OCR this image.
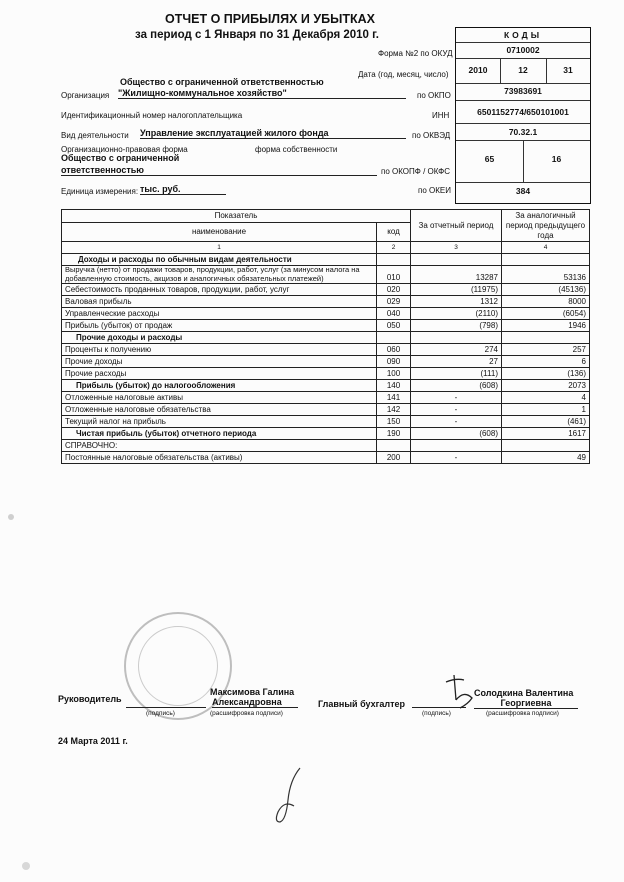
ОТЧЕТ О ПРИБЫЛЯХ И УБЫТКАХ
за период с 1 Января по 31 Декабря 2010 г.	КОДЫ
0710002
2010	12	31
73983691
6501152774/650101001
70.32.1
65	16
384
Форма №2 по ОКУД
Дата (год, месяц, число)
по ОКПО
ИНН
по ОКВЭД
по ОКОПФ / ОКФС
по ОКЕИ
Общество с ограниченной ответственностью
Организация "Жилищно-коммунальное хозяйство"
Идентификационный номер налогоплательщика
Вид деятельности Управление эксплуатацией жилого фонда
Организационно-правовая форма	форма собственности
Общество с ограниченной
ответственностью
Единица измерения: тыс. руб.
Показатель		За отчетный период	За аналогичный период предыдущего года
наименование	код		
1	2	3	4
Доходы и расходы по обычным видам деятельности			
Выручка (нетто) от продажи товаров, продукции, работ, услуг (за минусом налога на добавленную стоимость, акцизов и аналогичных обязательных платежей)	010	13287	53136
Себестоимость проданных товаров, продукции, работ, услуг	020	(11975)	(45136)
Валовая прибыль	029	1312	8000
Управленческие расходы	040	(2110)	(6054)
Прибыль (убыток) от продаж	050	(798)	1946
Прочие доходы и расходы			
Проценты к получению	060	274	257
Прочие доходы	090	27	6
Прочие расходы	100	(111)	(136)
Прибыль (убыток) до налогообложения	140	(608)	2073
Отложенные налоговые активы	141	-	4
Отложенные налоговые обязательства	142	-	1
Текущий налог на прибыль	150	-	(461)
Чистая прибыль (убыток) отчетного периода	190	(608)	1617
СПРАВОЧНО:			
Постоянные налоговые обязательства (активы)	200	-	49
Руководитель
(подпись)
Максимова Галина
Александровна
(расшифровка подписи)
Главный бухгалтер
(подпись)
Солодкина Валентина
Георгиевна
(расшифровка подписи)
24 Марта 2011 г.
